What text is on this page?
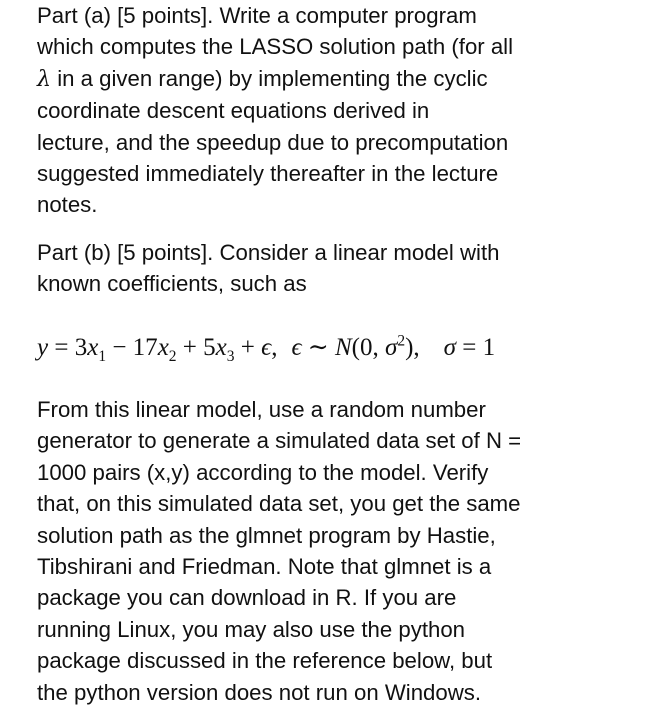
Part (a) [5 points]. Write a computer program
which computes the LASSO solution path (for all
λ in a given range) by implementing the cyclic
coordinate descent equations derived in
lecture, and the speedup due to precomputation
suggested immediately thereafter in the lecture
notes.

Part (b) [5 points]. Consider a linear model with
known coefficients, such as

$y = 3x_1 - 17x_2 + 5x_3 + \epsilon$, ϵ ∼ N(0, $\sigma^2$), σ = 1

From this linear model, use a random number
generator to generate a simulated data set of N =
1000 pairs (x,y) according to the model. Verify
that, on this simulated data set, you get the same
solution path as the glmnet program by Hastie,
Tibshirani and Friedman. Note that glmnet is a
package you can download in R. If you are
running Linux, you may also use the python
package discussed in the reference below, but
the python version does not run on Windows.
